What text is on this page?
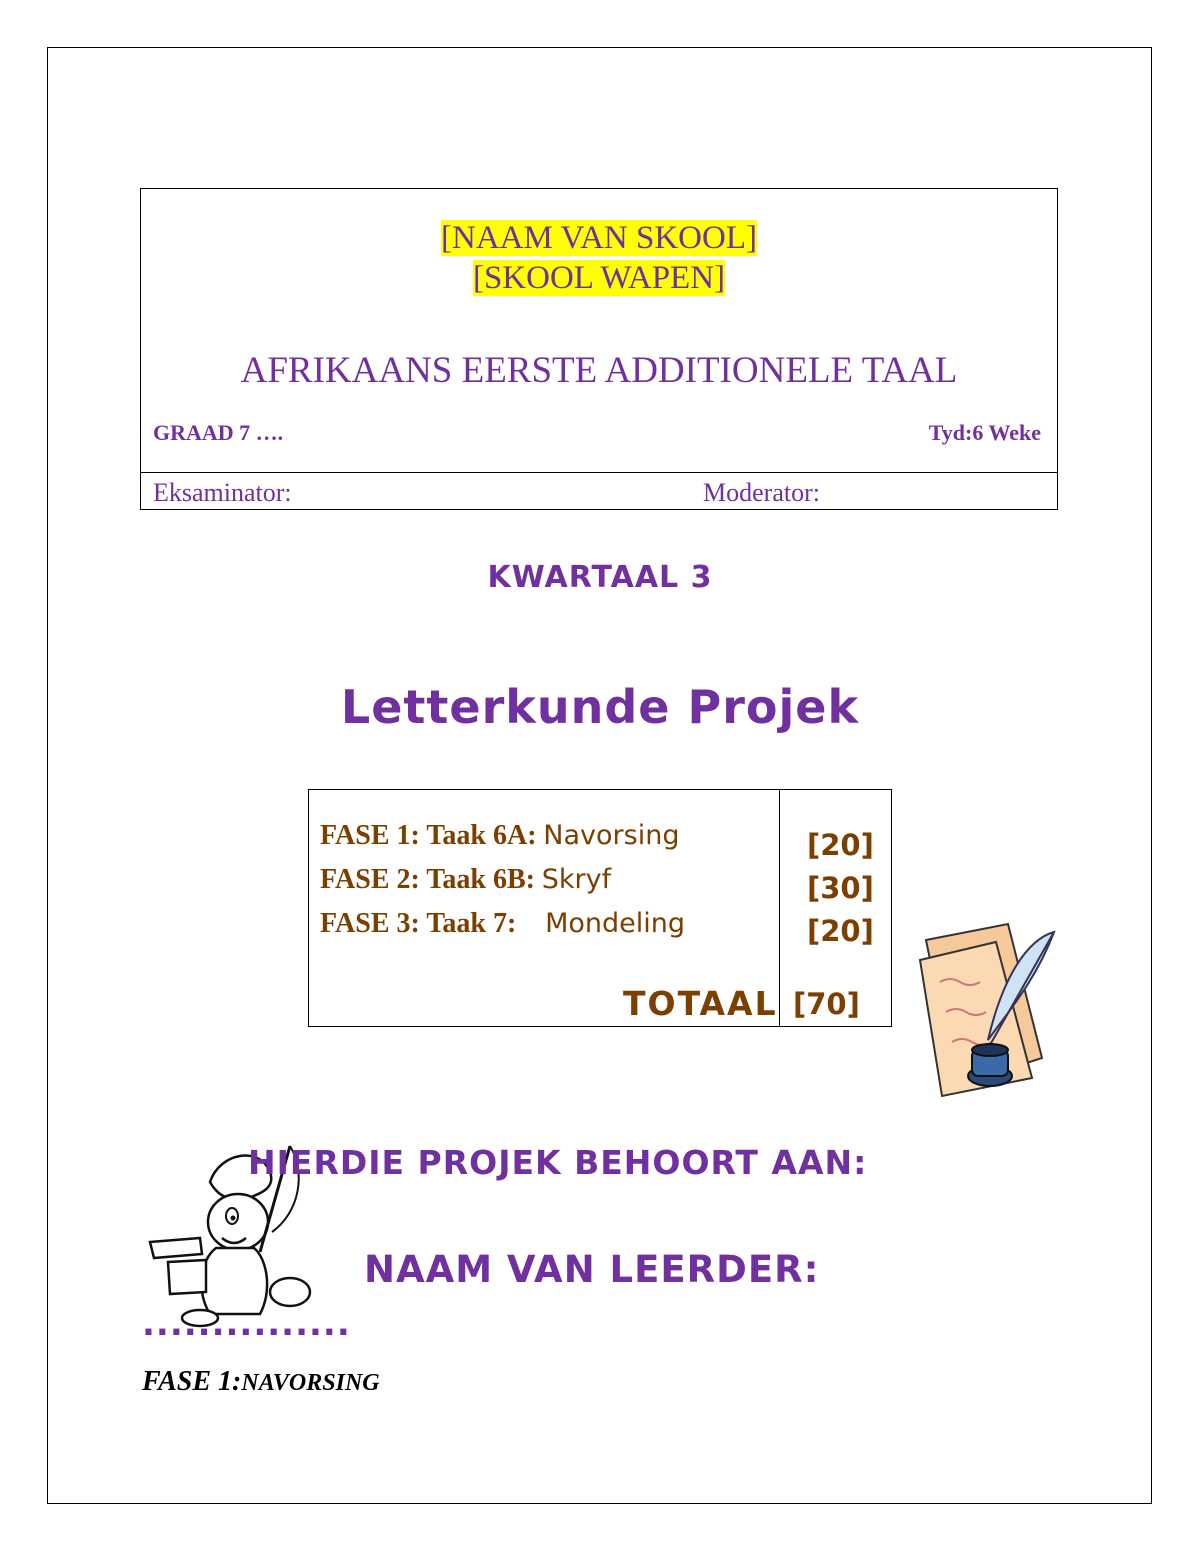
[NAAM VAN SKOOL]
[SKOOL WAPEN]
AFRIKAANS EERSTE ADDITIONELE TAAL
GRAAD 7 ….	Tyd:6 Weke
Eksaminator:	Moderator:
KWARTAAL 3
Letterkunde Projek
FASE 1: Taak 6A: Navorsing	[20]
FASE 2: Taak 6B: Skryf	[30]
FASE 3: Taak 7: Mondeling	[20]
TOTAAL [70]
HIERDIE PROJEK BEHOORT AAN:
NAAM VAN LEERDER:
...............
FASE 1:NAVORSING
